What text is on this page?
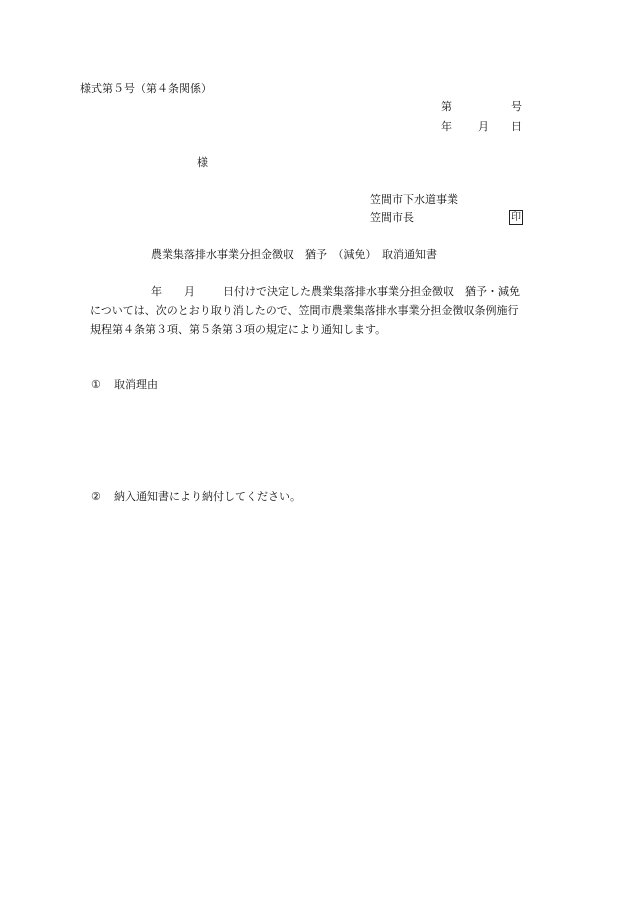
様式第５号（第４条関係）
第	号
年 月 日
様
笠間市下水道事業
笠間市長	印
農業集落排水事業分担金徴収　猶予　（減免）　取消通知書
年 月	日付けで決定した農業集落排水事業分担金徴収　猶予・減免
については、次のとおり取り消したので、笠間市農業集落排水事業分担金徴収条例施行
規程第４条第３項、第５条第３項の規定により通知します。
① 取消理由
② 納入通知書により納付してください。
